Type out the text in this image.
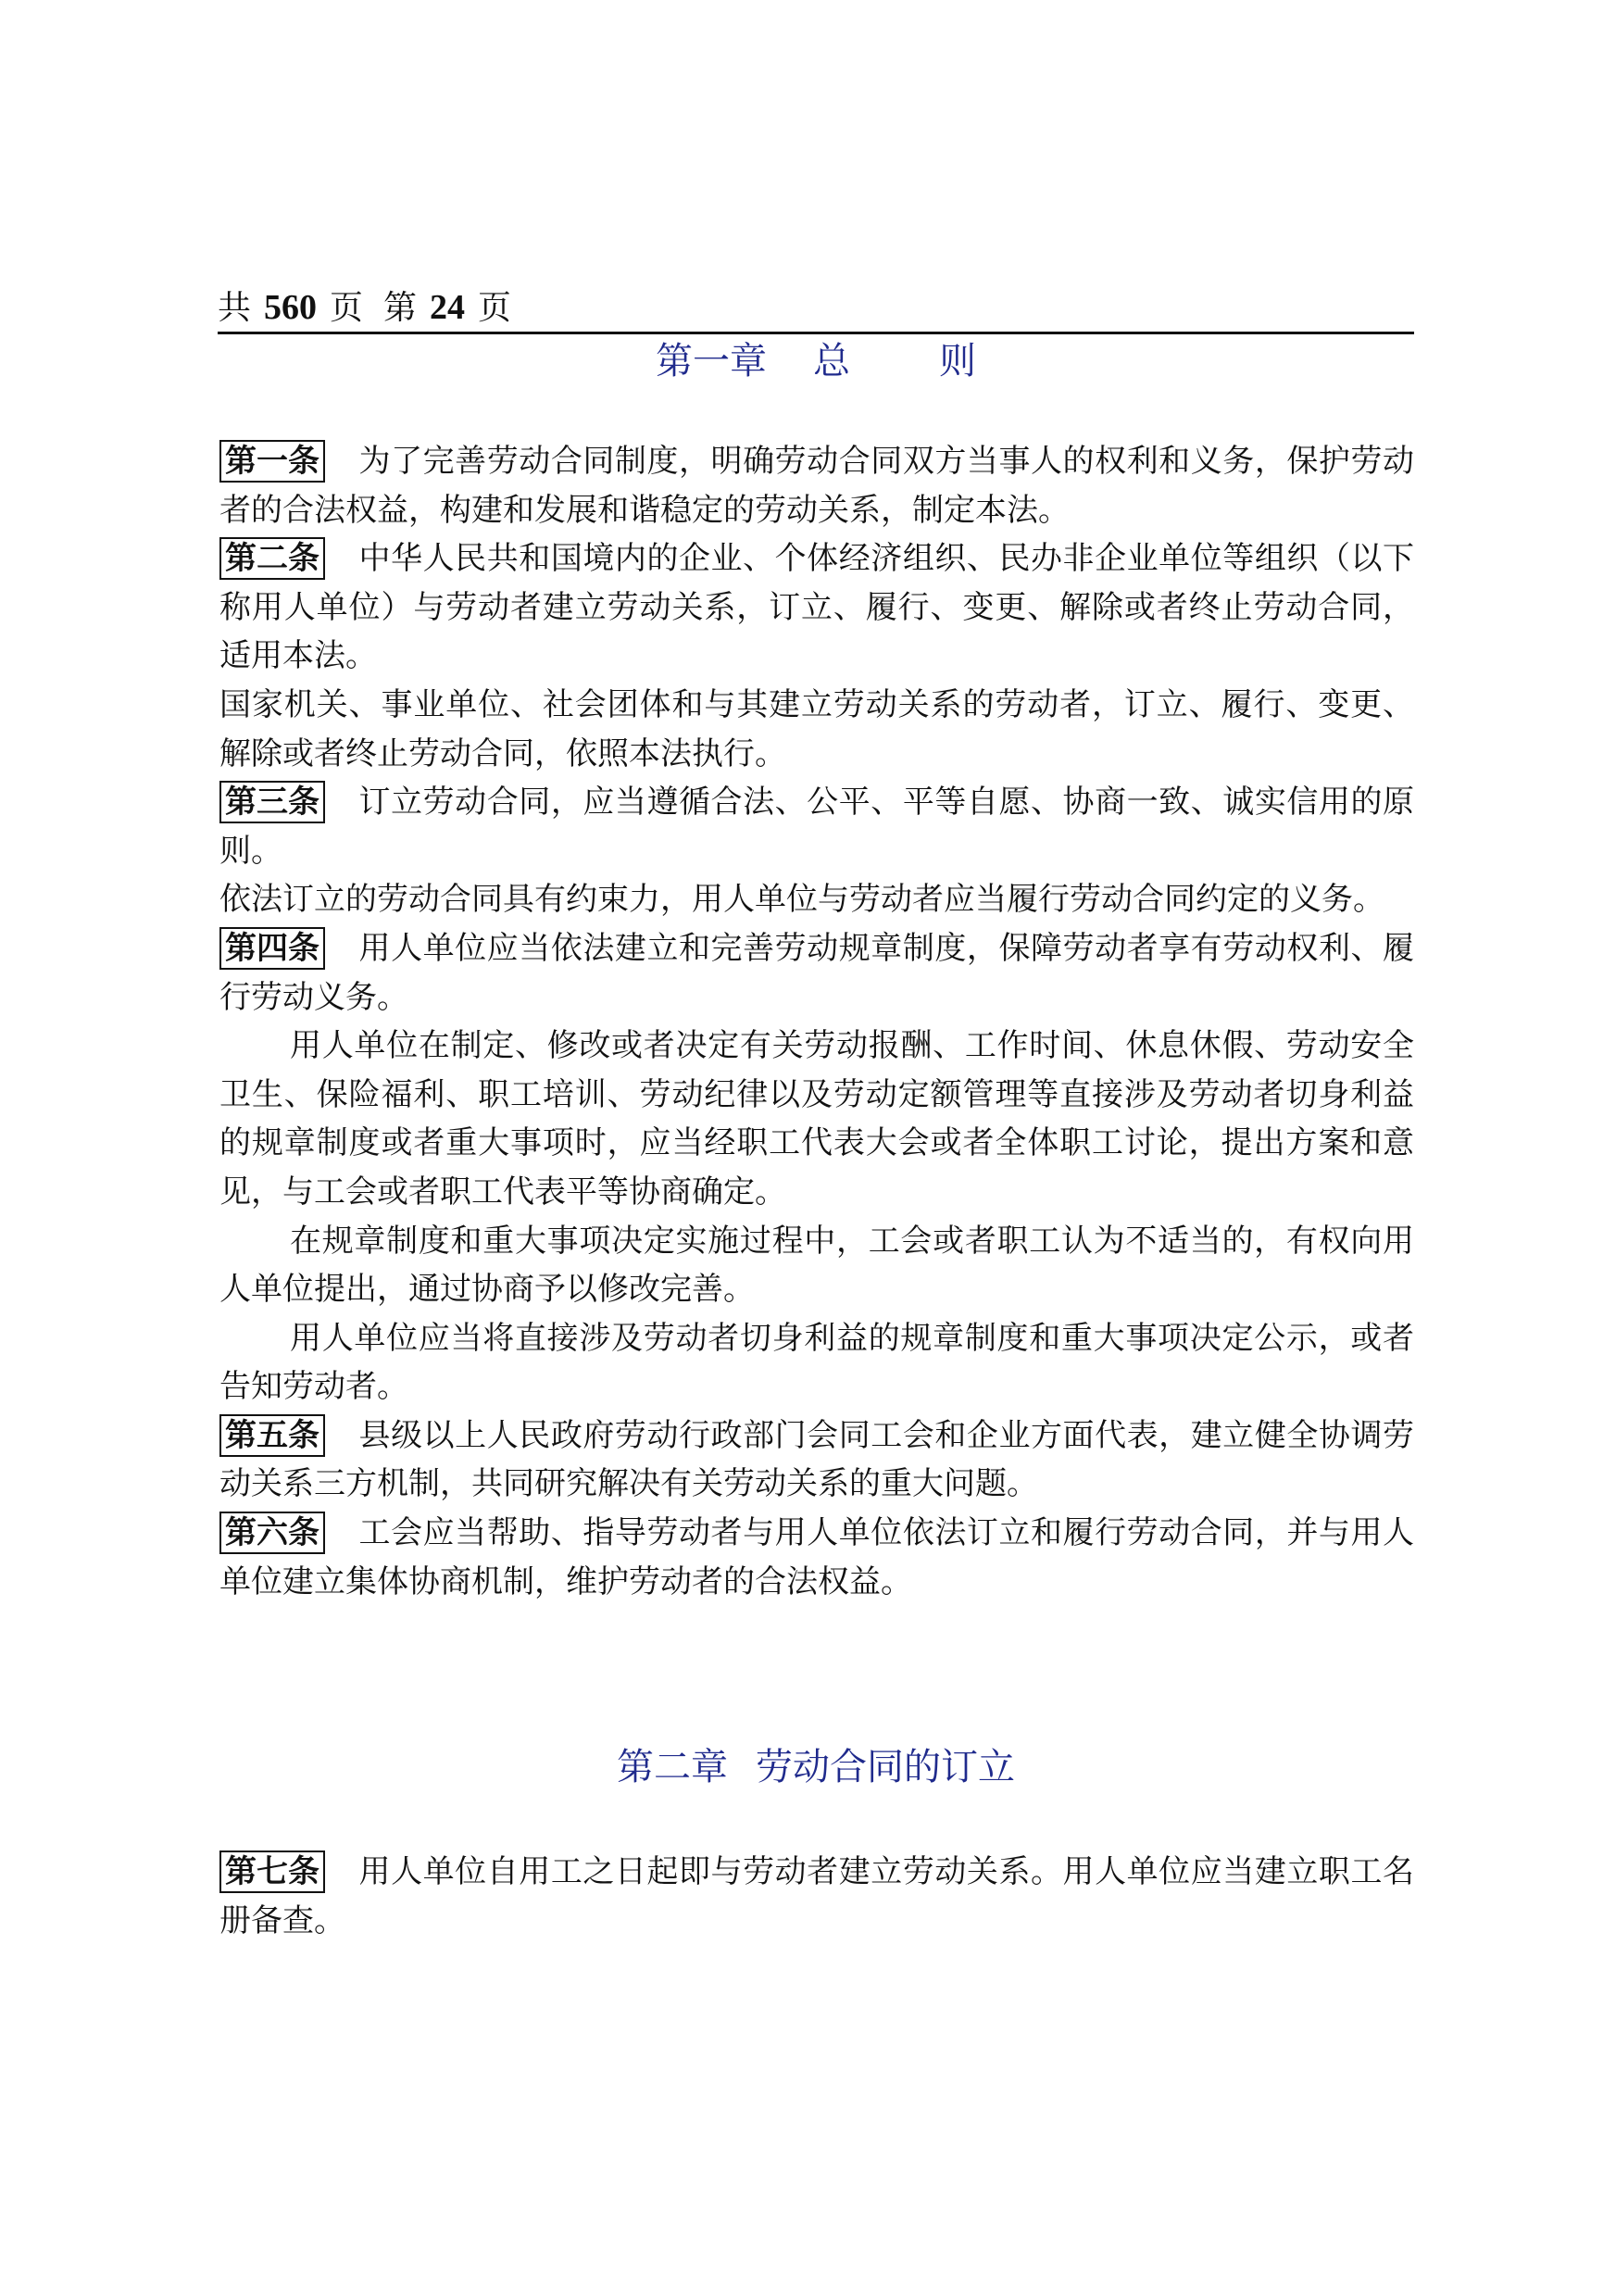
共 560 页 第 24 页
第一章 总 则

第一条 为了完善劳动合同制度，明确劳动合同双方当事人的权利和义务，保护劳动者的合法权益，构建和发展和谐稳定的劳动关系，制定本法。

第二条 中华人民共和国境内的企业、个体经济组织、民办非企业单位等组织（以下称用人单位）与劳动者建立劳动关系，订立、履行、变更、解除或者终止劳动合同，适用本法。

国家机关、事业单位、社会团体和与其建立劳动关系的劳动者，订立、履行、变更、解除或者终止劳动合同，依照本法执行。

第三条 订立劳动合同，应当遵循合法、公平、平等自愿、协商一致、诚实信用的原则。

依法订立的劳动合同具有约束力，用人单位与劳动者应当履行劳动合同约定的义务。

第四条 用人单位应当依法建立和完善劳动规章制度，保障劳动者享有劳动权利、履行劳动义务。

用人单位在制定、修改或者决定有关劳动报酬、工作时间、休息休假、劳动安全卫生、保险福利、职工培训、劳动纪律以及劳动定额管理等直接涉及劳动者切身利益的规章制度或者重大事项时，应当经职工代表大会或者全体职工讨论，提出方案和意见，与工会或者职工代表平等协商确定。

在规章制度和重大事项决定实施过程中，工会或者职工认为不适当的，有权向用人单位提出，通过协商予以修改完善。

用人单位应当将直接涉及劳动者切身利益的规章制度和重大事项决定公示，或者告知劳动者。

第五条 县级以上人民政府劳动行政部门会同工会和企业方面代表，建立健全协调劳动关系三方机制，共同研究解决有关劳动关系的重大问题。

第六条 工会应当帮助、指导劳动者与用人单位依法订立和履行劳动合同，并与用人单位建立集体协商机制，维护劳动者的合法权益。

第二章 劳动合同的订立

第七条 用人单位自用工之日起即与劳动者建立劳动关系。用人单位应当建立职工名册备查。
